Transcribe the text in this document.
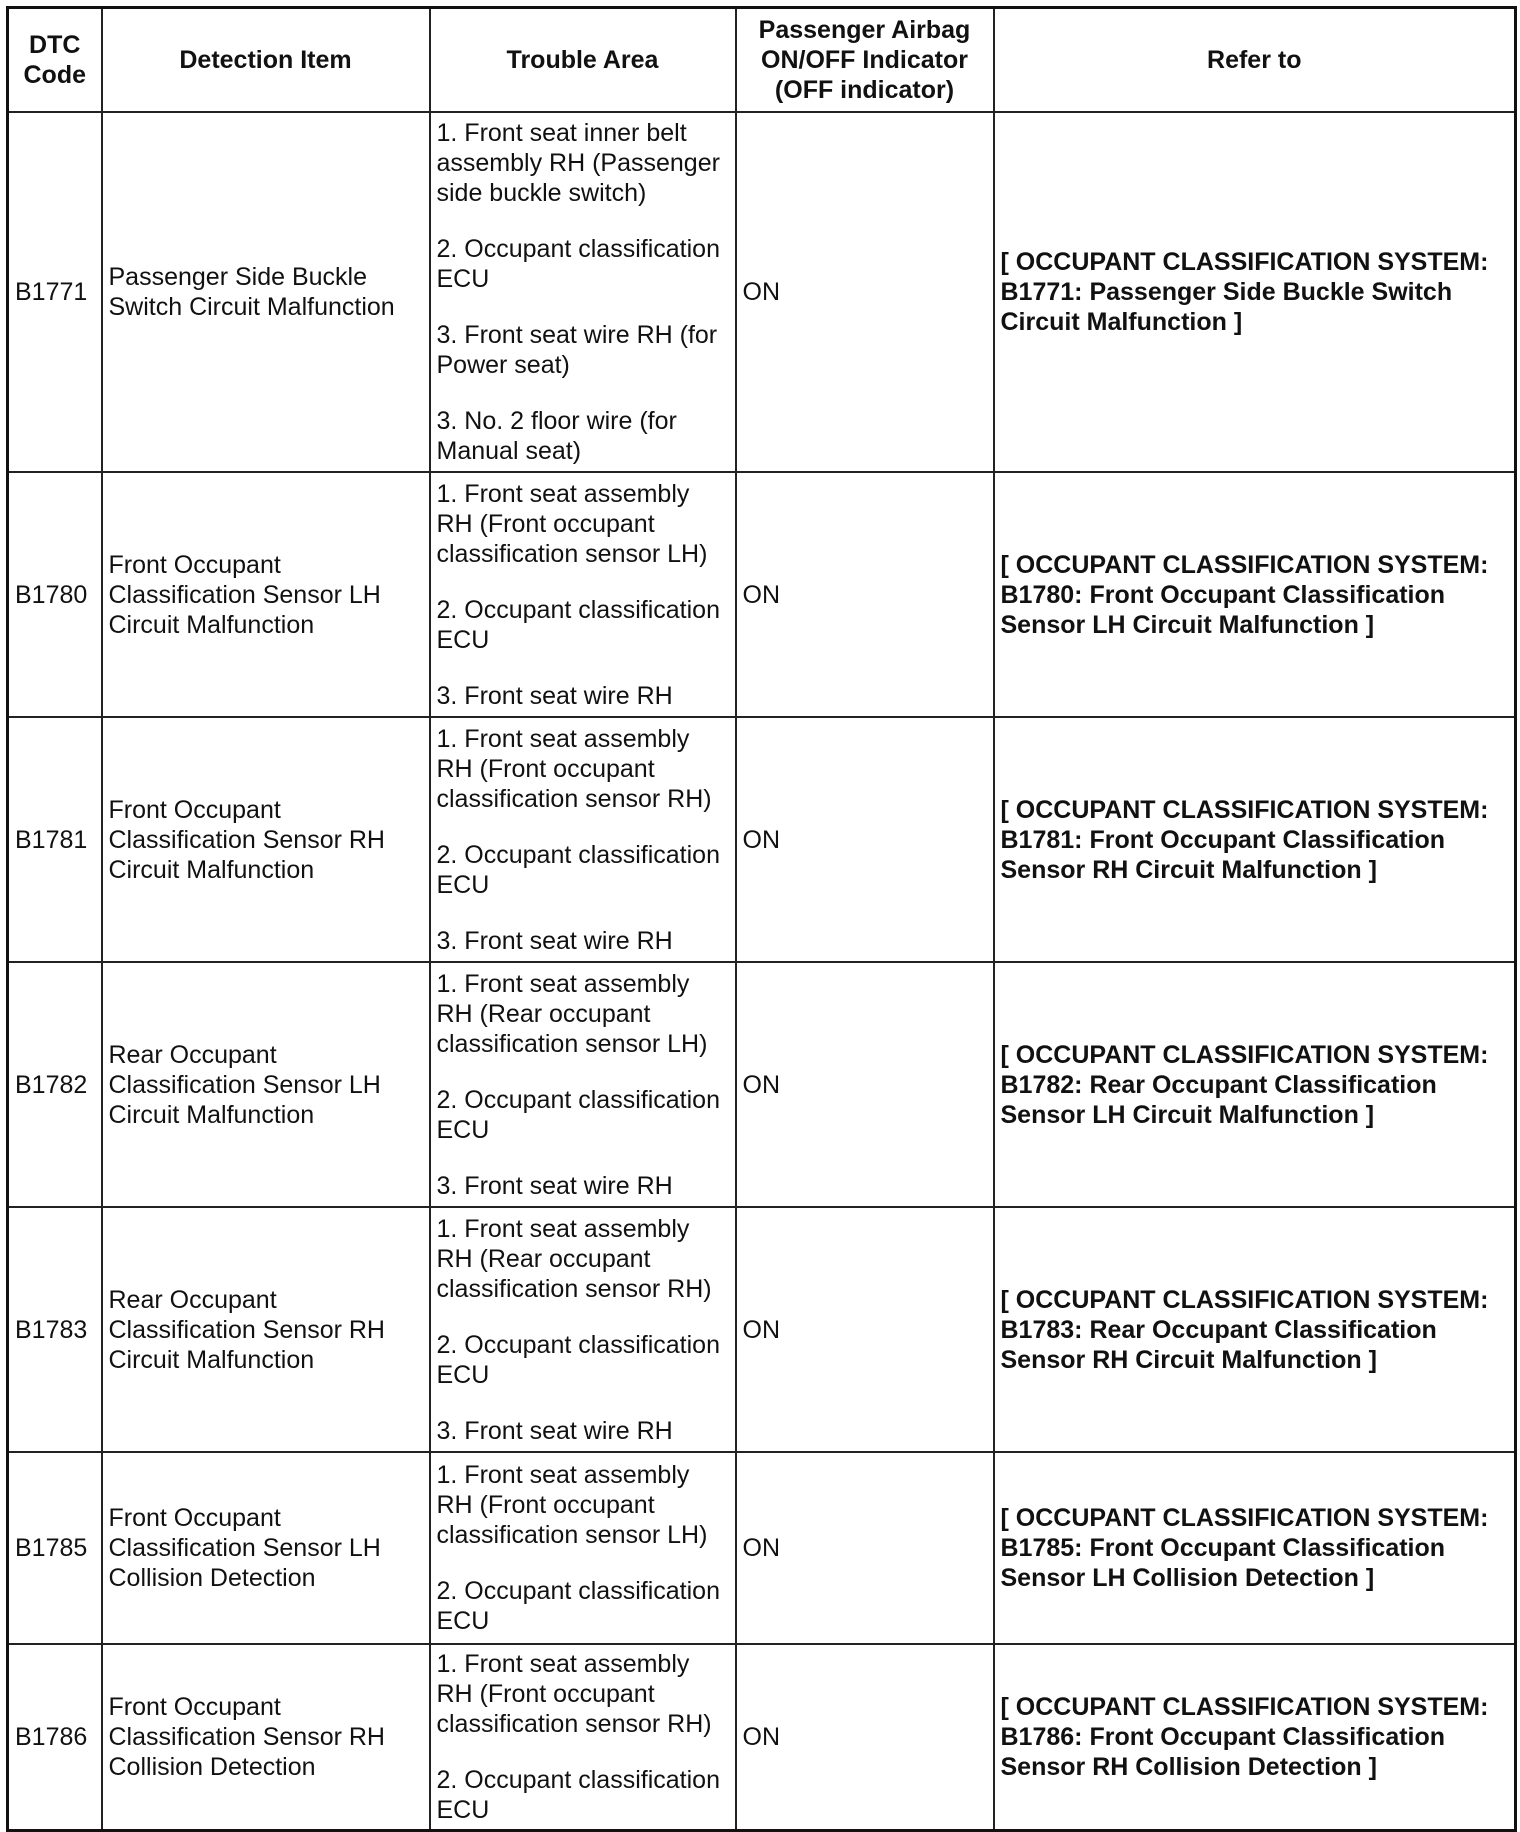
DTC Code	Detection Item	Trouble Area	Passenger Airbag ON/OFF Indicator (OFF indicator)	Refer to
B1771	Passenger Side Buckle Switch Circuit Malfunction	1. Front seat inner belt assembly RH (Passenger side buckle switch)
2. Occupant classification ECU
3. Front seat wire RH (for Power seat)
3. No. 2 floor wire (for Manual seat)	ON	[ OCCUPANT CLASSIFICATION SYSTEM: B1771: Passenger Side Buckle Switch Circuit Malfunction ]
B1780	Front Occupant Classification Sensor LH Circuit Malfunction	1. Front seat assembly RH (Front occupant classification sensor LH)
2. Occupant classification ECU
3. Front seat wire RH	ON	[ OCCUPANT CLASSIFICATION SYSTEM: B1780: Front Occupant Classification Sensor LH Circuit Malfunction ]
B1781	Front Occupant Classification Sensor RH Circuit Malfunction	1. Front seat assembly RH (Front occupant classification sensor RH)
2. Occupant classification ECU
3. Front seat wire RH	ON	[ OCCUPANT CLASSIFICATION SYSTEM: B1781: Front Occupant Classification Sensor RH Circuit Malfunction ]
B1782	Rear Occupant Classification Sensor LH Circuit Malfunction	1. Front seat assembly RH (Rear occupant classification sensor LH)
2. Occupant classification ECU
3. Front seat wire RH	ON	[ OCCUPANT CLASSIFICATION SYSTEM: B1782: Rear Occupant Classification Sensor LH Circuit Malfunction ]
B1783	Rear Occupant Classification Sensor RH Circuit Malfunction	1. Front seat assembly RH (Rear occupant classification sensor RH)
2. Occupant classification ECU
3. Front seat wire RH	ON	[ OCCUPANT CLASSIFICATION SYSTEM: B1783: Rear Occupant Classification Sensor RH Circuit Malfunction ]
B1785	Front Occupant Classification Sensor LH Collision Detection	1. Front seat assembly RH (Front occupant classification sensor LH)
2. Occupant classification ECU	ON	[ OCCUPANT CLASSIFICATION SYSTEM: B1785: Front Occupant Classification Sensor LH Collision Detection ]
B1786	Front Occupant Classification Sensor RH Collision Detection	1. Front seat assembly RH (Front occupant classification sensor RH)
2. Occupant classification ECU	ON	[ OCCUPANT CLASSIFICATION SYSTEM: B1786: Front Occupant Classification Sensor RH Collision Detection ]
